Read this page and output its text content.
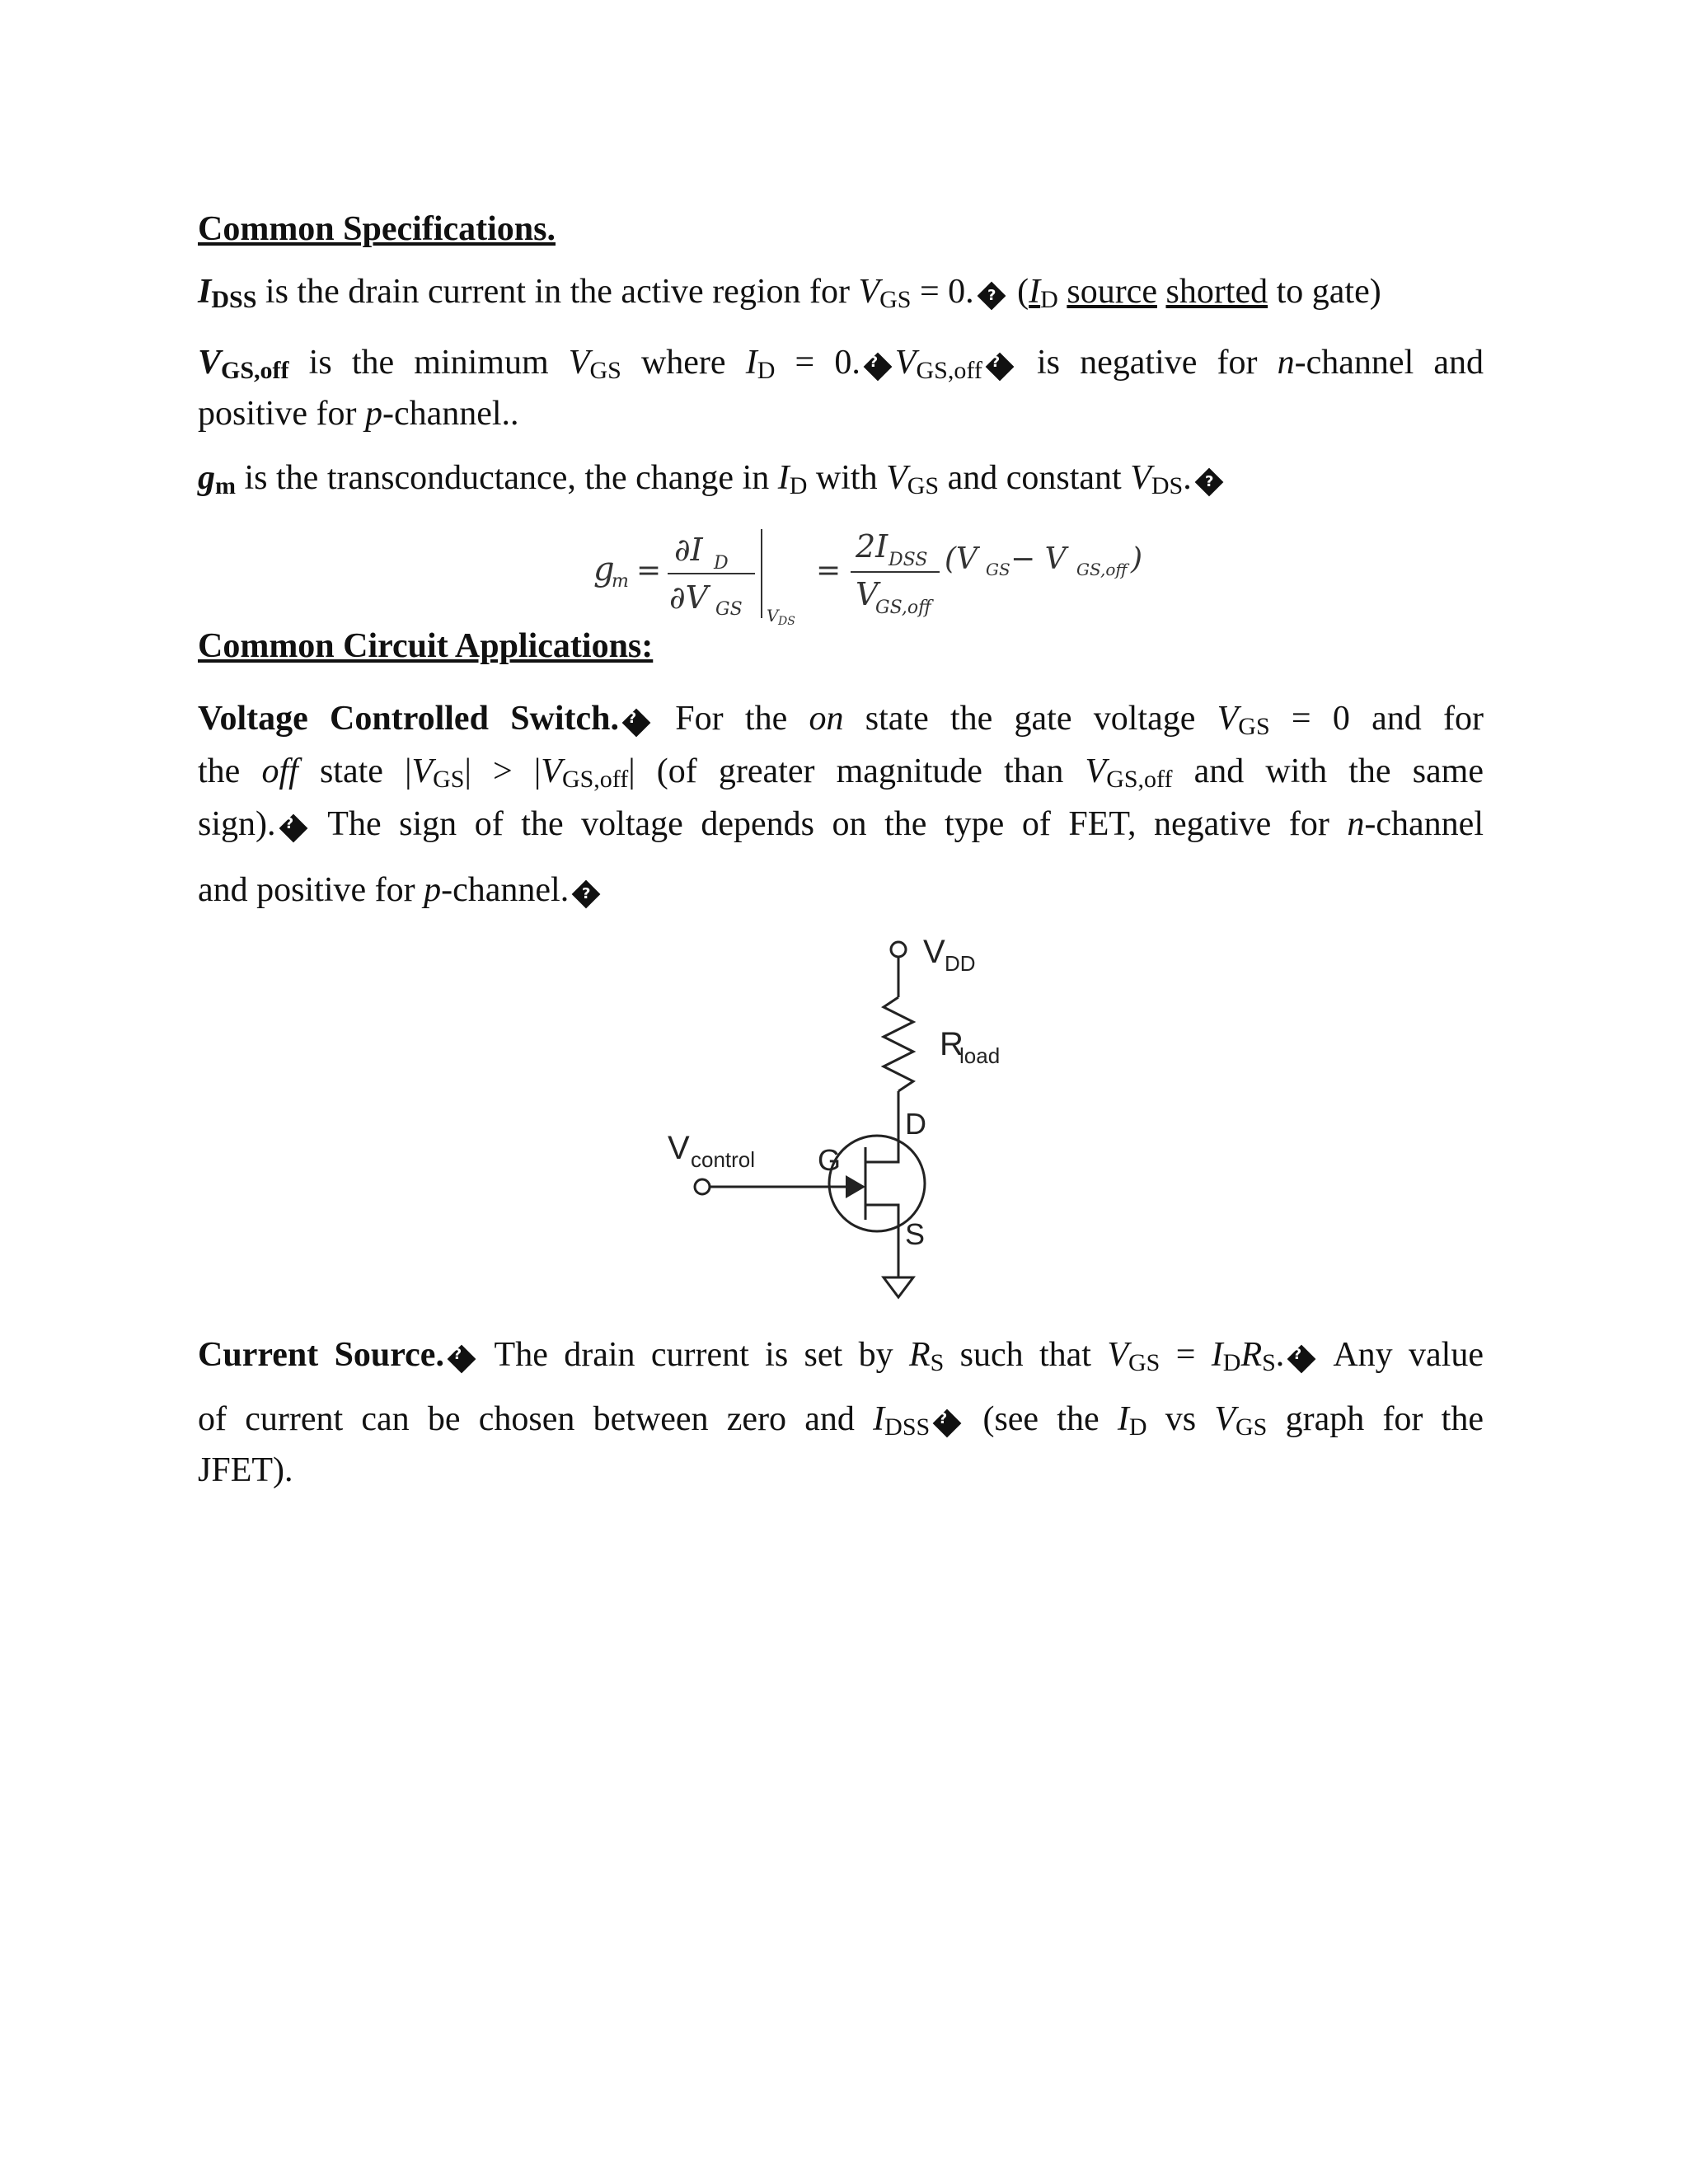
Common Specifications.
IDSS is the drain current in the active region for $V_{GS} = 0$. ? ($I_D$ source shorted to gate)
VGS,off is the minimum $V_{GS}$ where $I_D = 0$. ? $V_{GS,off}$ ? is negative for n-channel and
positive for p-channel..
gm is the transconductance, the change in $I_D$ with $V_{GS}$ and constant $V_{DS}$. ?
g
m =
∂I D
∂V GS V DS
=
2I DSS
V
GS,off
(V GS − V GS,off )
Common Circuit Applications:
Voltage Controlled Switch. ? For the on state the gate voltage $V_{GS} = 0$ and for
the off state $|V_{GS}| > |V_{GS,off}|$ (of greater magnitude than $V_{GS,off}$ and with the same
sign). ? The sign of the voltage depends on the type of FET, negative for n-channel
and positive for p-channel. ?
V DD
R
load
D
S
G
V control
Current Source. ? The drain current is set by $R_S$ such that $V_{GS} = I_DR_S$. ? Any value
of current can be chosen between zero and $I_{DSS}$ ? (see the $I_D$ vs $V_{GS}$ graph for the
JFET).
